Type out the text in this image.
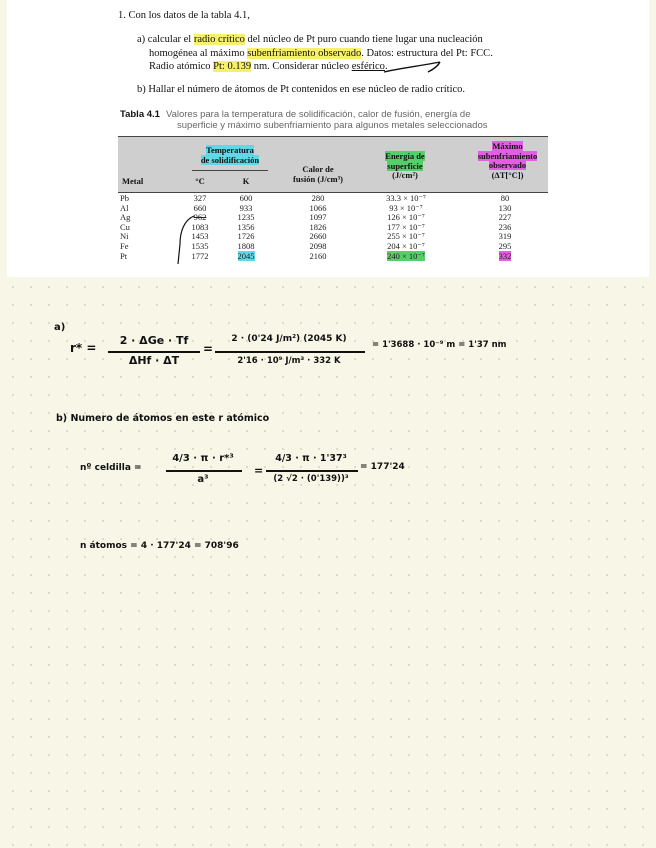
1. Con los datos de la tabla 4.1,

a) calcular el radio crítico del núcleo de Pt puro cuando tiene lugar una nucleación
homogénea al máximo subenfriamiento observado. Datos: estructura del Pt: FCC.
Radio atómico Pt: 0.139 nm. Considerar núcleo esférico.
b) Hallar el número de átomos de Pt contenidos en ese núcleo de radio crítico.
Tabla 4.1 Valores para la temperatura de solidificación, calor de fusión, energía de
superficie y máximo subenfriamiento para algunos metales seleccionados
Metal
Temperatura
de solidificación
°C	K
Calor de
fusión (J/cm³)
Energía de
superficie
(J/cm²)
Máximo
subenfriamiento
observado
(ΔT[°C])
Pb	327	600	280	33.3 × 10⁻⁷	80
Al	660	933	1066	93 × 10⁻⁷	130
Ag	962	1235	1097	126 × 10⁻⁷	227
Cu	1083	1356	1826	177 × 10⁻⁷	236
Ni	1453	1726	2660	255 × 10⁻⁷	319
Fe	1535	1808	2098	204 × 10⁻⁷	295
Pt	1772	2045	2160	240 × 10⁻⁷	332
a)
r* =
2 · ΔGe · Tf
ΔHf · ΔT
=
2 · (0'24 J/m²) (2045 K)
2'16 · 10⁹ J/m³ · 332 K
= 1'3688 · 10⁻⁹ m = 1'37 nm
b) Numero de átomos en este r atómico
nº celdilla =
4/3 · π · r*³
a³
=
4/3 · π · 1'37³
(2 √2 · (0'139))³
= 177'24
n átomos = 4 · 177'24 = 708'96
